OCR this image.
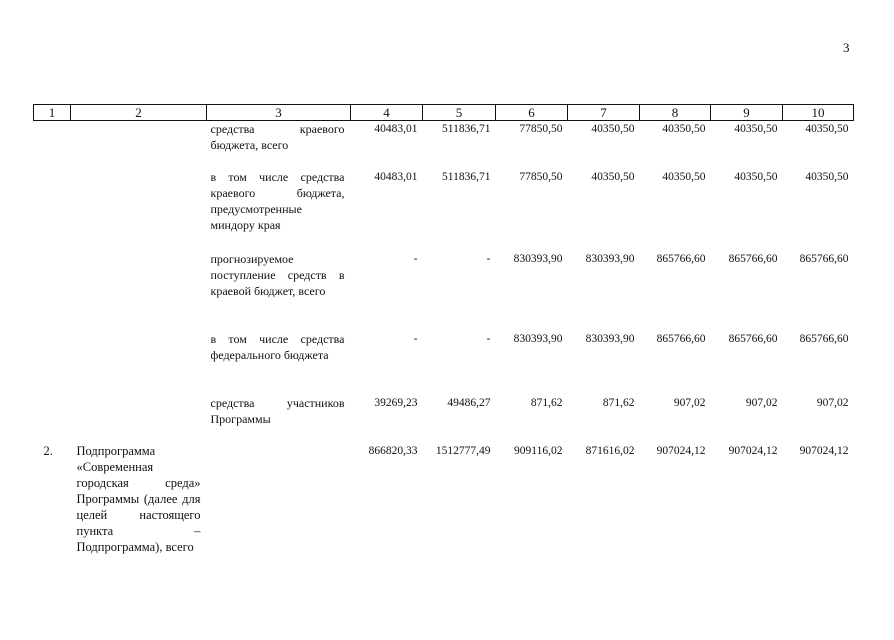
3
1	2	3	4	5	6	7	8	9	10
		средства краевого бюджета, всего	40483,01	511836,71	77850,50	40350,50	40350,50	40350,50	40350,50
		в том числе средства краевого бюджета, предусмотренные миндору края	40483,01	511836,71	77850,50	40350,50	40350,50	40350,50	40350,50
		прогнозируемое поступление средств в краевой бюджет, всего	-	-	830393,90	830393,90	865766,60	865766,60	865766,60
		в том числе средства федерального бюджета	-	-	830393,90	830393,90	865766,60	865766,60	865766,60
		средства участников Программы	39269,23	49486,27	871,62	871,62	907,02	907,02	907,02
2.	Подпрограмма «Современная городская среда» Программы (далее для целей настоящего пункта – Подпрограмма), всего		866820,33	1512777,49	909116,02	871616,02	907024,12	907024,12	907024,12
